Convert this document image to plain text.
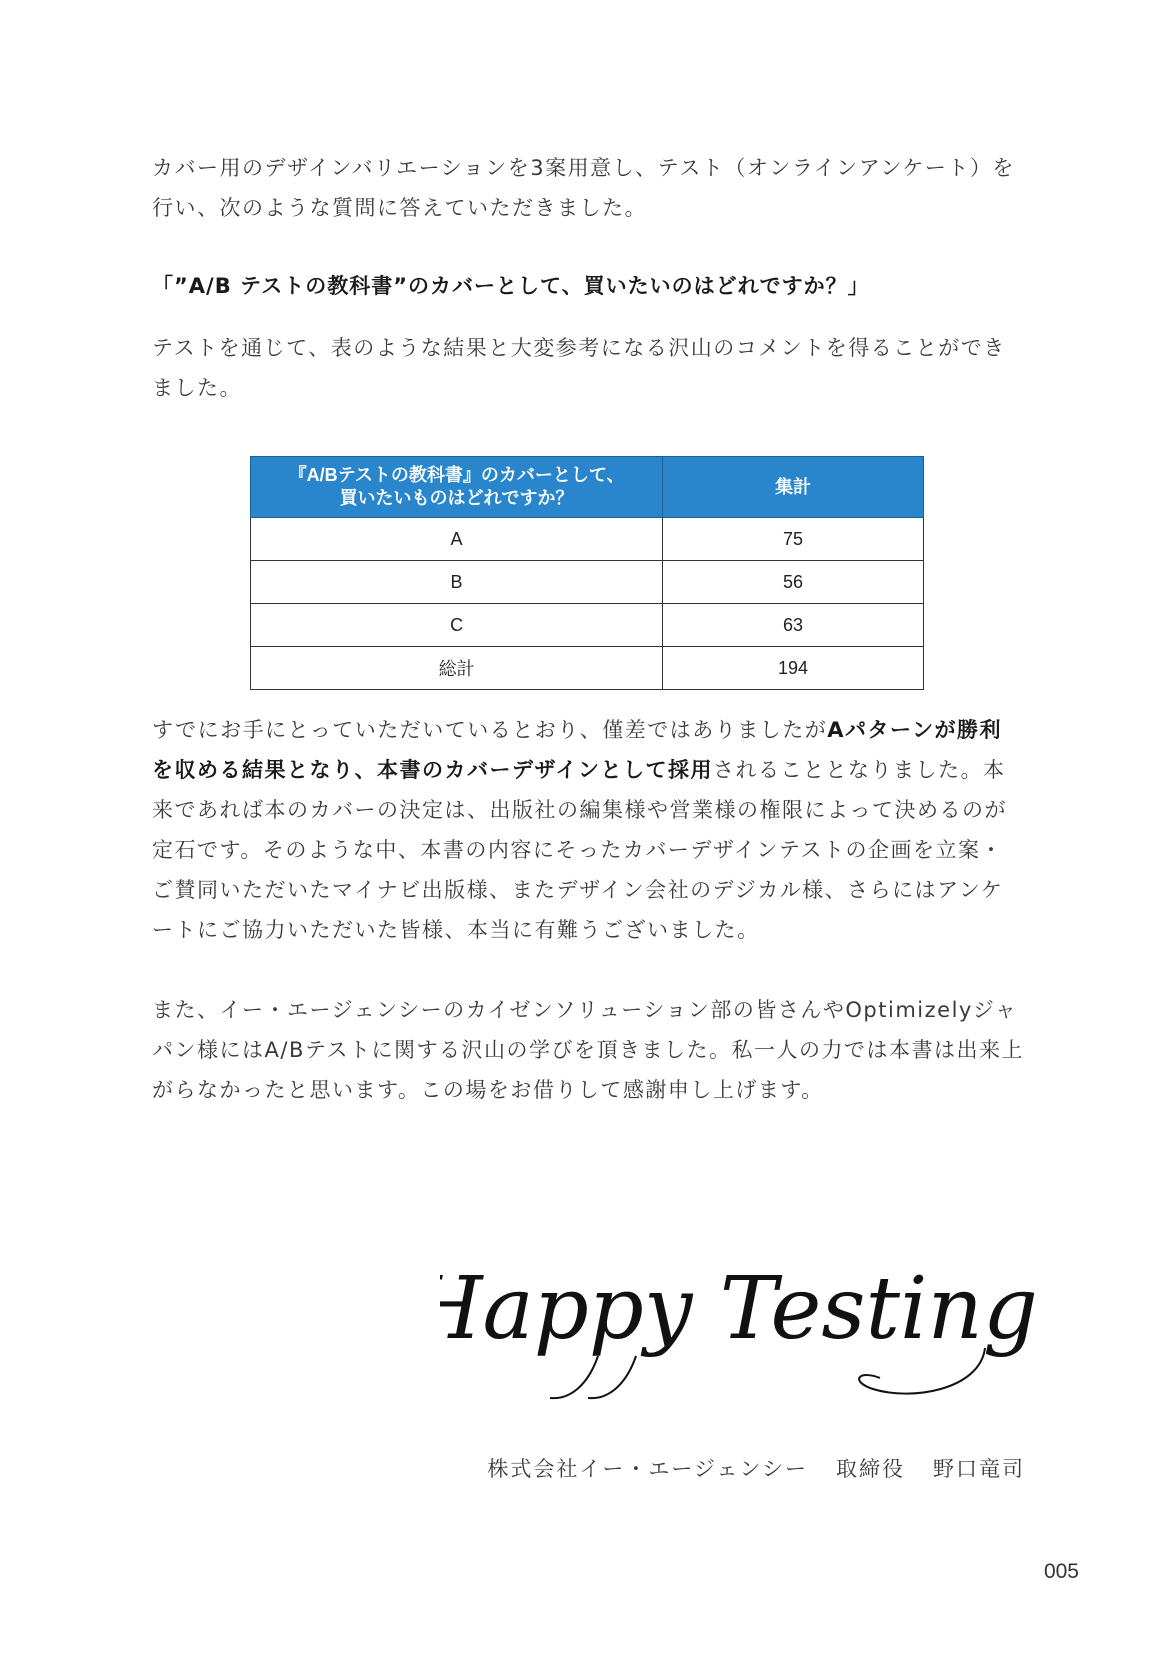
カバー用のデザインバリエーションを3案用意し、テスト（オンラインアンケート）を行い、次のような質問に答えていただきました。

「”A/B テストの教科書”のカバーとして、買いたいのはどれですか？」

テストを通じて、表のような結果と大変参考になる沢山のコメントを得ることができました。

『A/Bテストの教科書』のカバーとして、
買いたいものはどれですか？	集計
A	75
B	56
C	63
総計	194

すでにお手にとっていただいているとおり、僅差ではありましたがAパターンが勝利を収める結果となり、本書のカバーデザインとして採用されることとなりました。本来であれば本のカバーの決定は、出版社の編集様や営業様の権限によって決めるのが定石です。そのような中、本書の内容にそったカバーデザインテストの企画を立案・ご賛同いただいたマイナビ出版様、またデザイン会社のデジカル様、さらにはアンケートにご協力いただいた皆様、本当に有難うございました。

また、イー・エージェンシーのカイゼンソリューション部の皆さんやOptimizelyジャパン様にはA/Bテストに関する沢山の学びを頂きました。私一人の力では本書は出来上がらなかったと思います。この場をお借りして感謝申し上げます。

Happy Testing!
株式会社イー・エージェンシー 取締役 野口竜司
005
